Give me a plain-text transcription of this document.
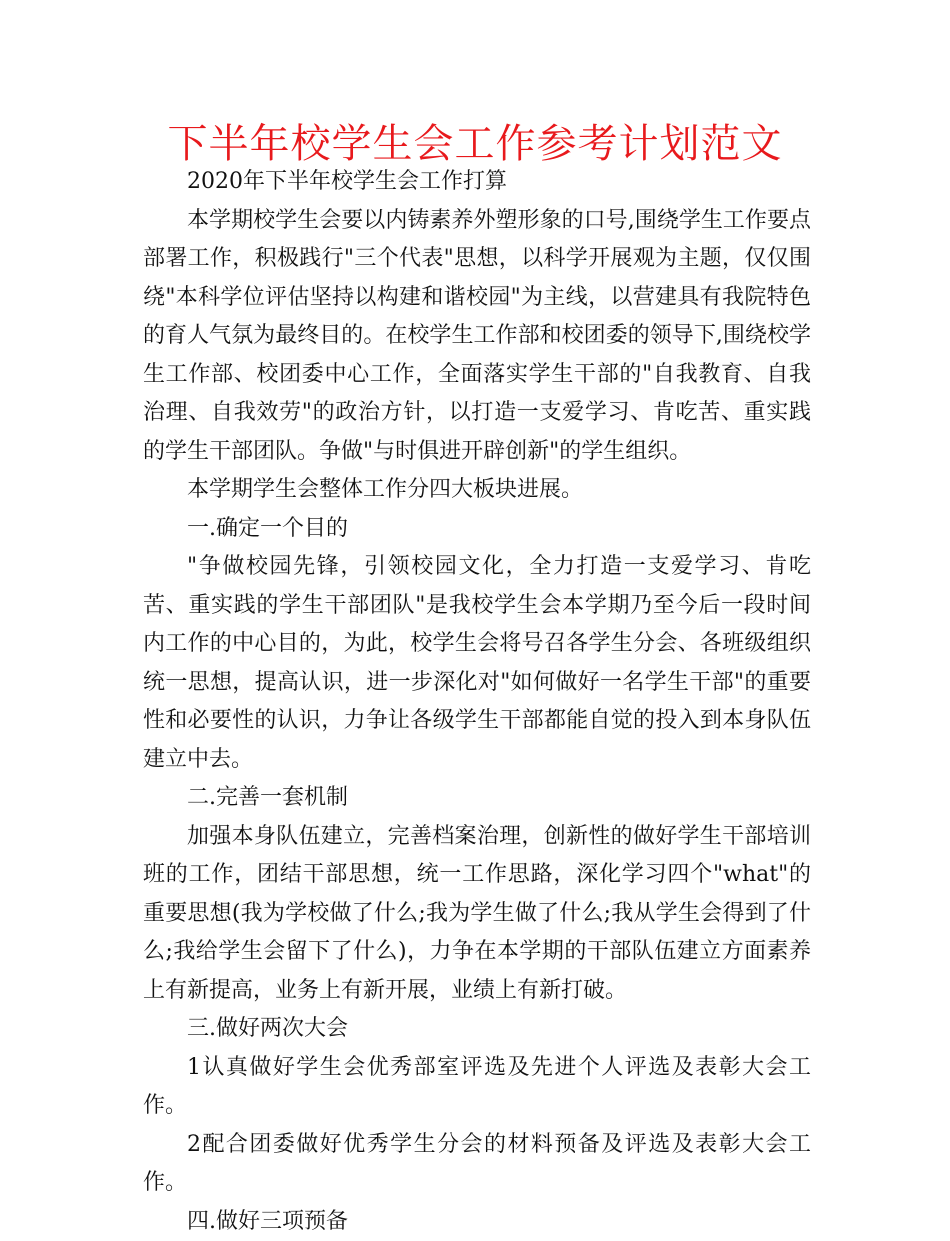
下半年校学生会工作参考计划范文

2020年下半年校学生会工作打算

本学期校学生会要以内铸素养外塑形象的口号,围绕学生工作要点部署工作，积极践行"三个代表"思想，以科学开展观为主题，仅仅围绕"本科学位评估坚持以构建和谐校园"为主线，以营建具有我院特色的育人气氛为最终目的。在校学生工作部和校团委的领导下,围绕校学生工作部、校团委中心工作，全面落实学生干部的"自我教育、自我治理、自我效劳"的政治方针，以打造一支爱学习、肯吃苦、重实践的学生干部团队。争做"与时俱进开辟创新"的学生组织。

本学期学生会整体工作分四大板块进展。

一.确定一个目的

"争做校园先锋，引领校园文化，全力打造一支爱学习、肯吃苦、重实践的学生干部团队"是我校学生会本学期乃至今后一段时间内工作的中心目的，为此，校学生会将号召各学生分会、各班级组织统一思想，提高认识，进一步深化对"如何做好一名学生干部"的重要性和必要性的认识，力争让各级学生干部都能自觉的投入到本身队伍建立中去。

二.完善一套机制

加强本身队伍建立，完善档案治理，创新性的做好学生干部培训班的工作，团结干部思想，统一工作思路，深化学习四个"what"的重要思想(我为学校做了什么;我为学生做了什么;我从学生会得到了什么;我给学生会留下了什么)，力争在本学期的干部队伍建立方面素养上有新提高，业务上有新开展，业绩上有新打破。

三.做好两次大会

1认真做好学生会优秀部室评选及先进个人评选及表彰大会工作。

2配合团委做好优秀学生分会的材料预备及评选及表彰大会工作。

四.做好三项预备
